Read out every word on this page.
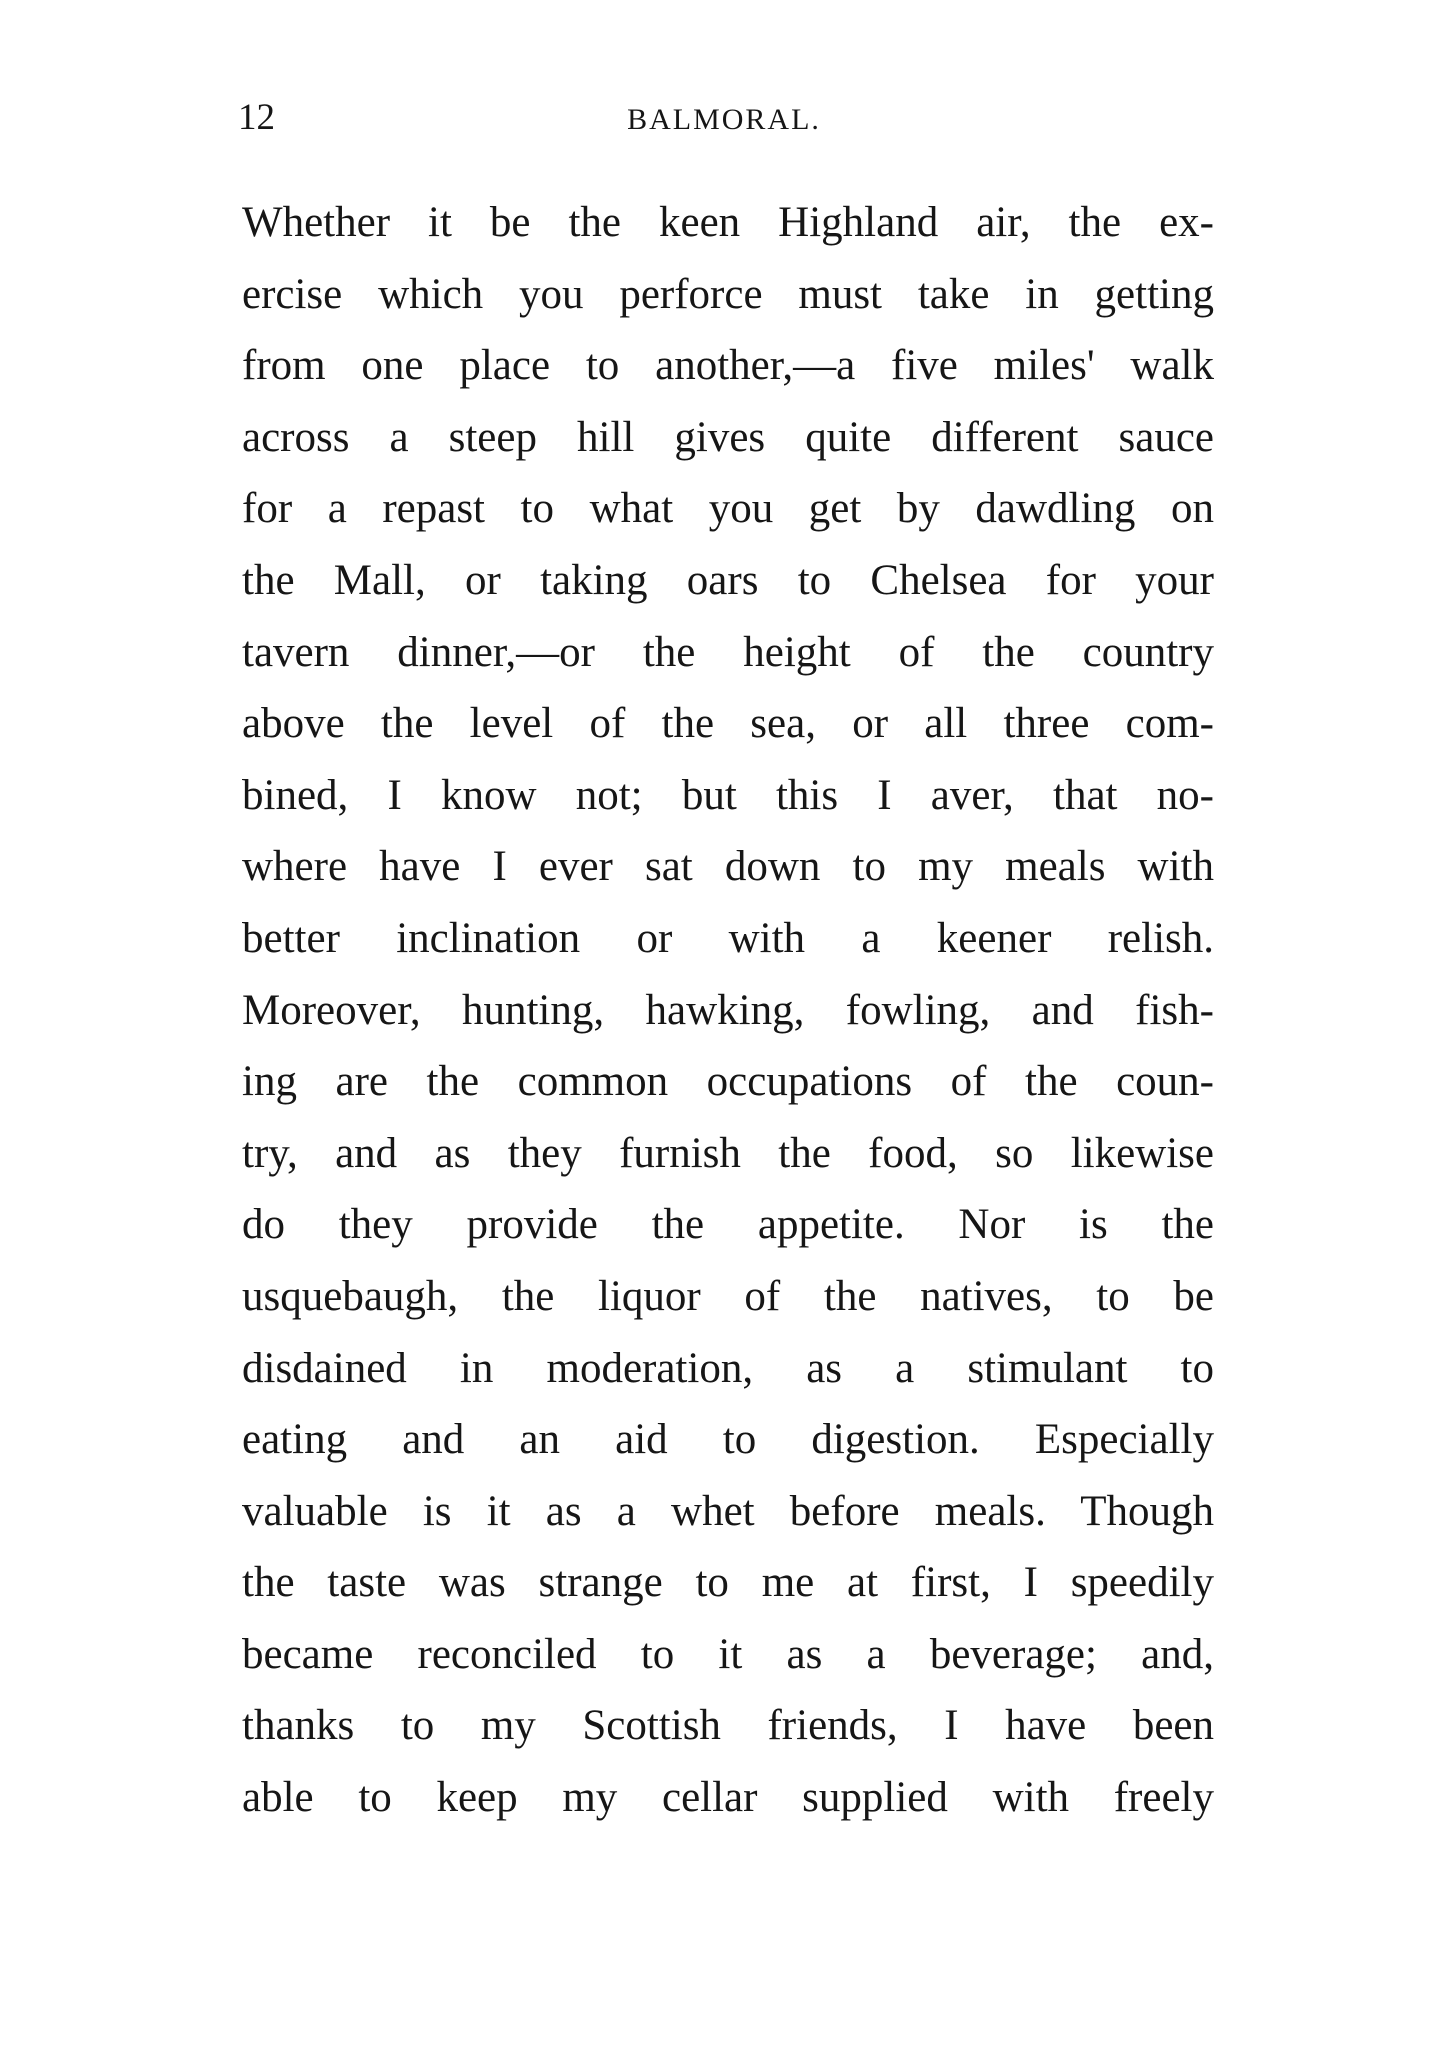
12	BALMORAL.
Whether it be the keen Highland air, the ex-
ercise which you perforce must take in getting
from one place to another,—a five miles' walk
across a steep hill gives quite different sauce
for a repast to what you get by dawdling on
the Mall, or taking oars to Chelsea for your
tavern dinner,—or the height of the country
above the level of the sea, or all three com-
bined, I know not; but this I aver, that no-
where have I ever sat down to my meals with
better inclination or with a keener relish.
Moreover, hunting, hawking, fowling, and fish-
ing are the common occupations of the coun-
try, and as they furnish the food, so likewise
do they provide the appetite. Nor is the
usquebaugh, the liquor of the natives, to be
disdained in moderation, as a stimulant to
eating and an aid to digestion. Especially
valuable is it as a whet before meals. Though
the taste was strange to me at first, I speedily
became reconciled to it as a beverage; and,
thanks to my Scottish friends, I have been
able to keep my cellar supplied with freely
